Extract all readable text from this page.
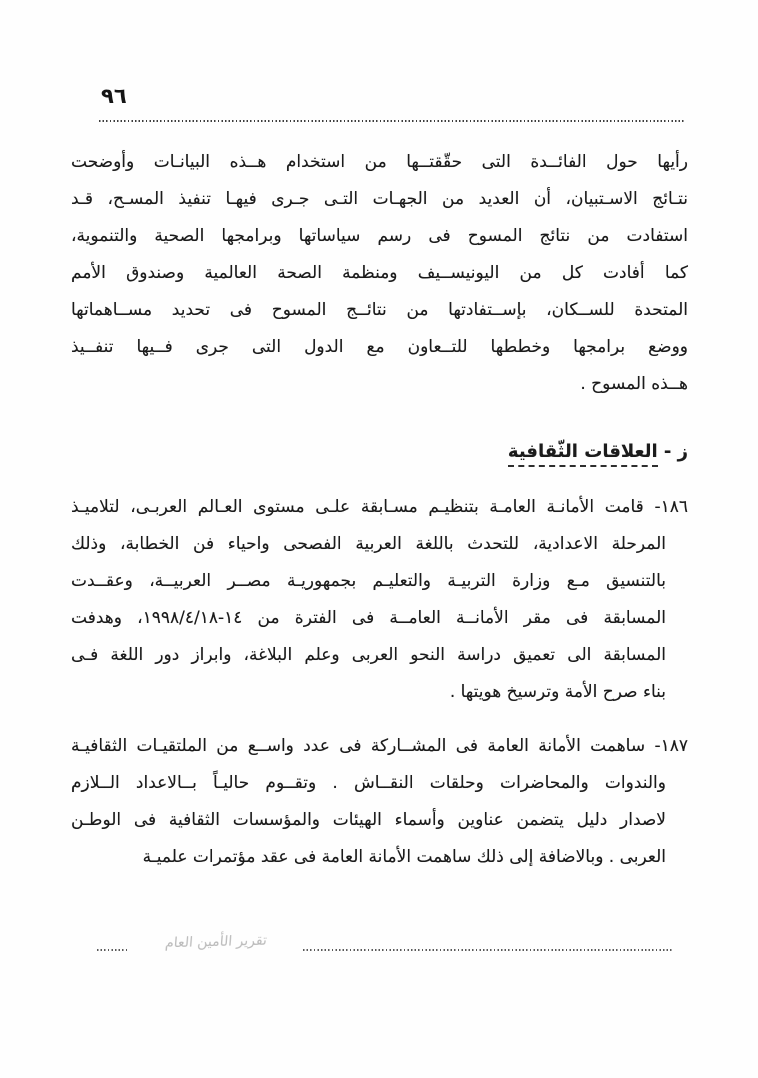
٩٦
رأيها حول الفائــدة التى حقّقتــها من استخدام هــذه البيانـات وأوضحت
نتـائج الاسـتبيان، أن العديد من الجهـات التـى جـرى فيهـا تنفيذ المسـح، قـد
استفادت من نتائج المسوح فى رسم سياساتها وبرامجها الصحية والتنموية،
كما أفادت كل من اليونيســيف ومنظمة الصحة العالمية وصندوق الأمم
المتحدة للســكان، بإســتفادتها من نتائــج المسوح فى تحديد مســاهماتها
ووضع برامجها وخططها للتــعاون مع الدول التى جرى فــيها تنفــيذ
هــذه المسوح .
ز - العلاقات الثّقافية
١٨٦- قامت الأمانـة العامـة بتنظيـم مسـابقة علـى مستوى العـالم العربـى، لتلاميـذ
المرحلة الاعدادية، للتحدث باللغة العربية الفصحى واحياء فن الخطابة، وذلك
بالتنسيق مـع وزارة التربيـة والتعليـم بجمهوريـة مصــر العربيــة، وعقــدت
المسابقة فى مقر الأمانــة العامــة فى الفترة من ١٤-١٩٩٨/٤/١٨، وهدفت
المسابقة الى تعميق دراسة النحو العربى وعلم البلاغة، وابراز دور اللغة فـى
بناء صرح الأمة وترسيخ هويتها .
١٨٧- ساهمت الأمانة العامة فى المشــاركة فى عدد واســع من الملتقيـات الثقافيـة
والندوات والمحاضرات وحلقات النقــاش . وتقــوم حاليـاً بــالاعداد الــلازم
لاصدار دليل يتضمن عناوين وأسماء الهيئات والمؤسسات الثقافية فى الوطـن
العربى . وبالاضافة إلى ذلك ساهمت الأمانة العامة فى عقد مؤتمرات علميـة
تقرير الأمين العام
